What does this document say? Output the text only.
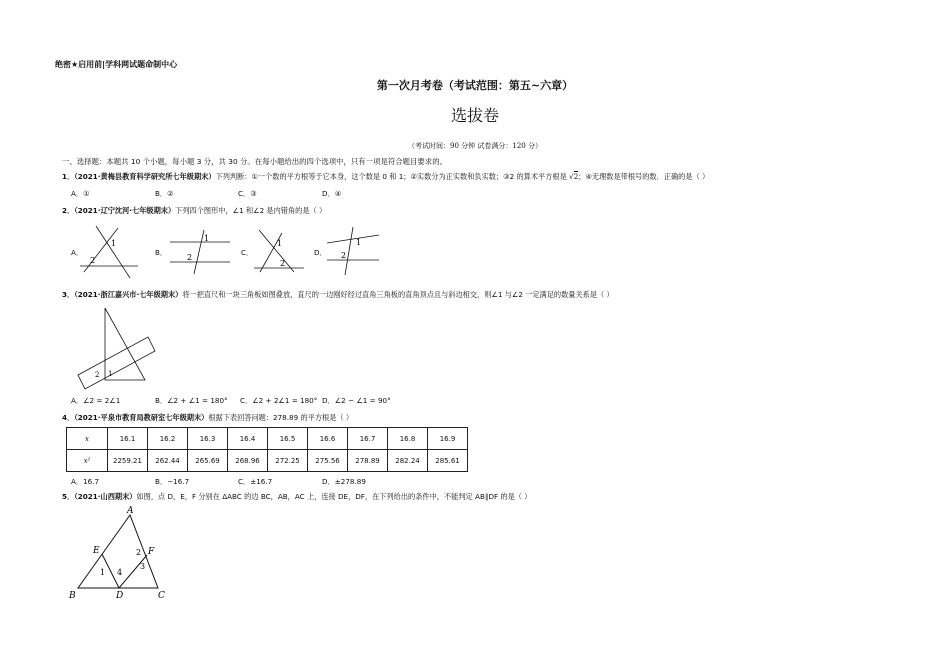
绝密★启用前|学科网试题命制中心
第一次月考卷（考试范围：第五~六章）
选拔卷
（考试时间：90 分钟 试卷满分：120 分）
一、选择题：本题共 10 个小题，每小题 3 分，共 30 分。在每小题给出的四个选项中，只有一项是符合题目要求的。
1．（2021·黄梅县教育科学研究所七年级期末）下列判断：①一个数的平方根等于它本身，这个数是 0 和 1；②实数分为正实数和负实数；③2 的算术平方根是 √2；④无理数是带根号的数．正确的是（ ）
A．①	B．②	C．③	D．④
2．（2021·辽宁沈河·七年级期末）下列四个图形中，∠1 和∠2 是内错角的是（ ）
A．	B．	C．	D．
1
2
1
2
1
2
1
2
3．（2021·浙江嘉兴市·七年级期末）将一把直尺和一块三角板如图叠放，直尺的一边刚好经过直角三角板的直角顶点且与斜边相交，则∠1 与∠2 一定满足的数量关系是（ ）
2 1
A．∠2 = 2∠1	B．∠2 + ∠1 = 180° C．∠2 + 2∠1 = 180° D．∠2 − ∠1 = 90°
4．（2021·平泉市教育局教研室七年级期末）根据下表回答问题：278.89 的平方根是（ ）
x	16.1	16.2	16.3	16.4	16.5	16.6	16.7	16.8	16.9
x²	2259.21	262.44	265.69	268.96	272.25	275.56	278.89	282.24	285.61
A．16.7	B．−16.7	C．±16.7	D．±278.89
5．（2021·山西期末）如图，点 D，E，F 分别在 ΔABC 的边 BC，AB，AC 上，连接 DE，DF，在下列给出的条件中，不能判定 AB∥DF 的是（ ）
A
B	C
D
E	F
1
2
3
4
